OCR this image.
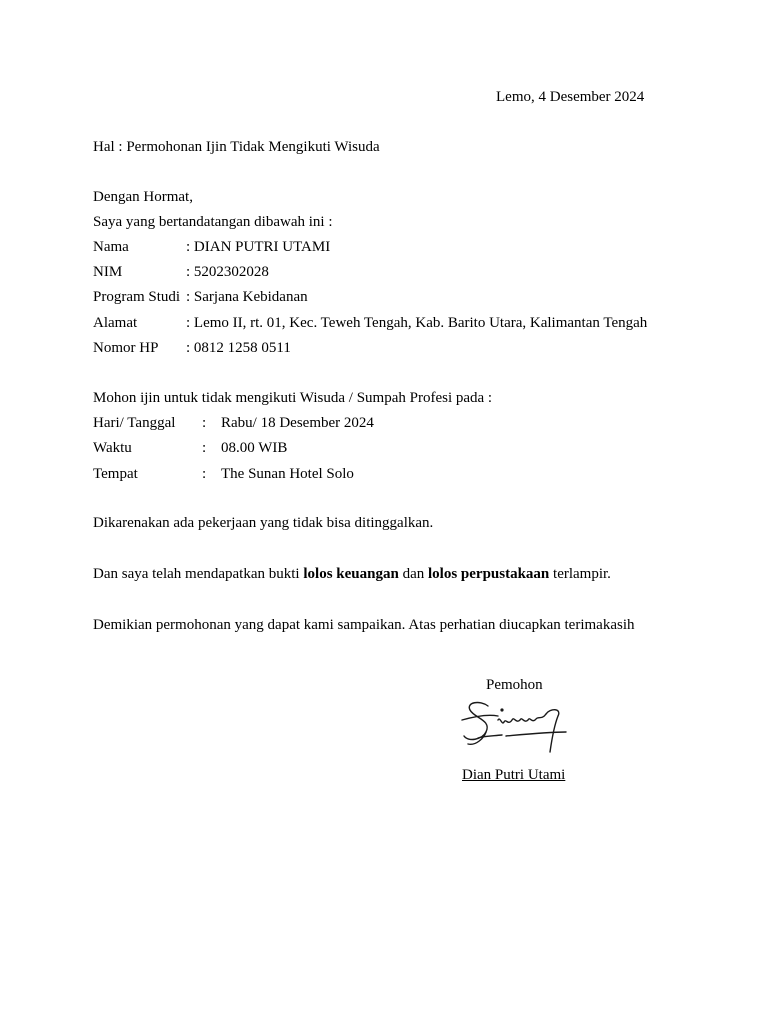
Lemo, 4 Desember 2024
Hal : Permohonan Ijin Tidak Mengikuti Wisuda
Dengan Hormat,
Saya yang bertandatangan dibawah ini :
Nama	: DIAN PUTRI UTAMI
NIM	: 5202302028
Program Studi : Sarjana Kebidanan
Alamat	: Lemo II, rt. 01, Kec. Teweh Tengah, Kab. Barito Utara, Kalimantan Tengah
Nomor HP : 0812 1258 0511
Mohon ijin untuk tidak mengikuti Wisuda / Sumpah Profesi pada :
Hari/ Tanggal : Rabu/ 18 Desember 2024
Waktu	: 08.00 WIB
Tempat	: The Sunan Hotel Solo
Dikarenakan ada pekerjaan yang tidak bisa ditinggalkan.
Dan saya telah mendapatkan bukti lolos keuangan dan lolos perpustakaan terlampir.
Demikian permohonan yang dapat kami sampaikan. Atas perhatian diucapkan terimakasih
Pemohon
Dian Putri Utami
